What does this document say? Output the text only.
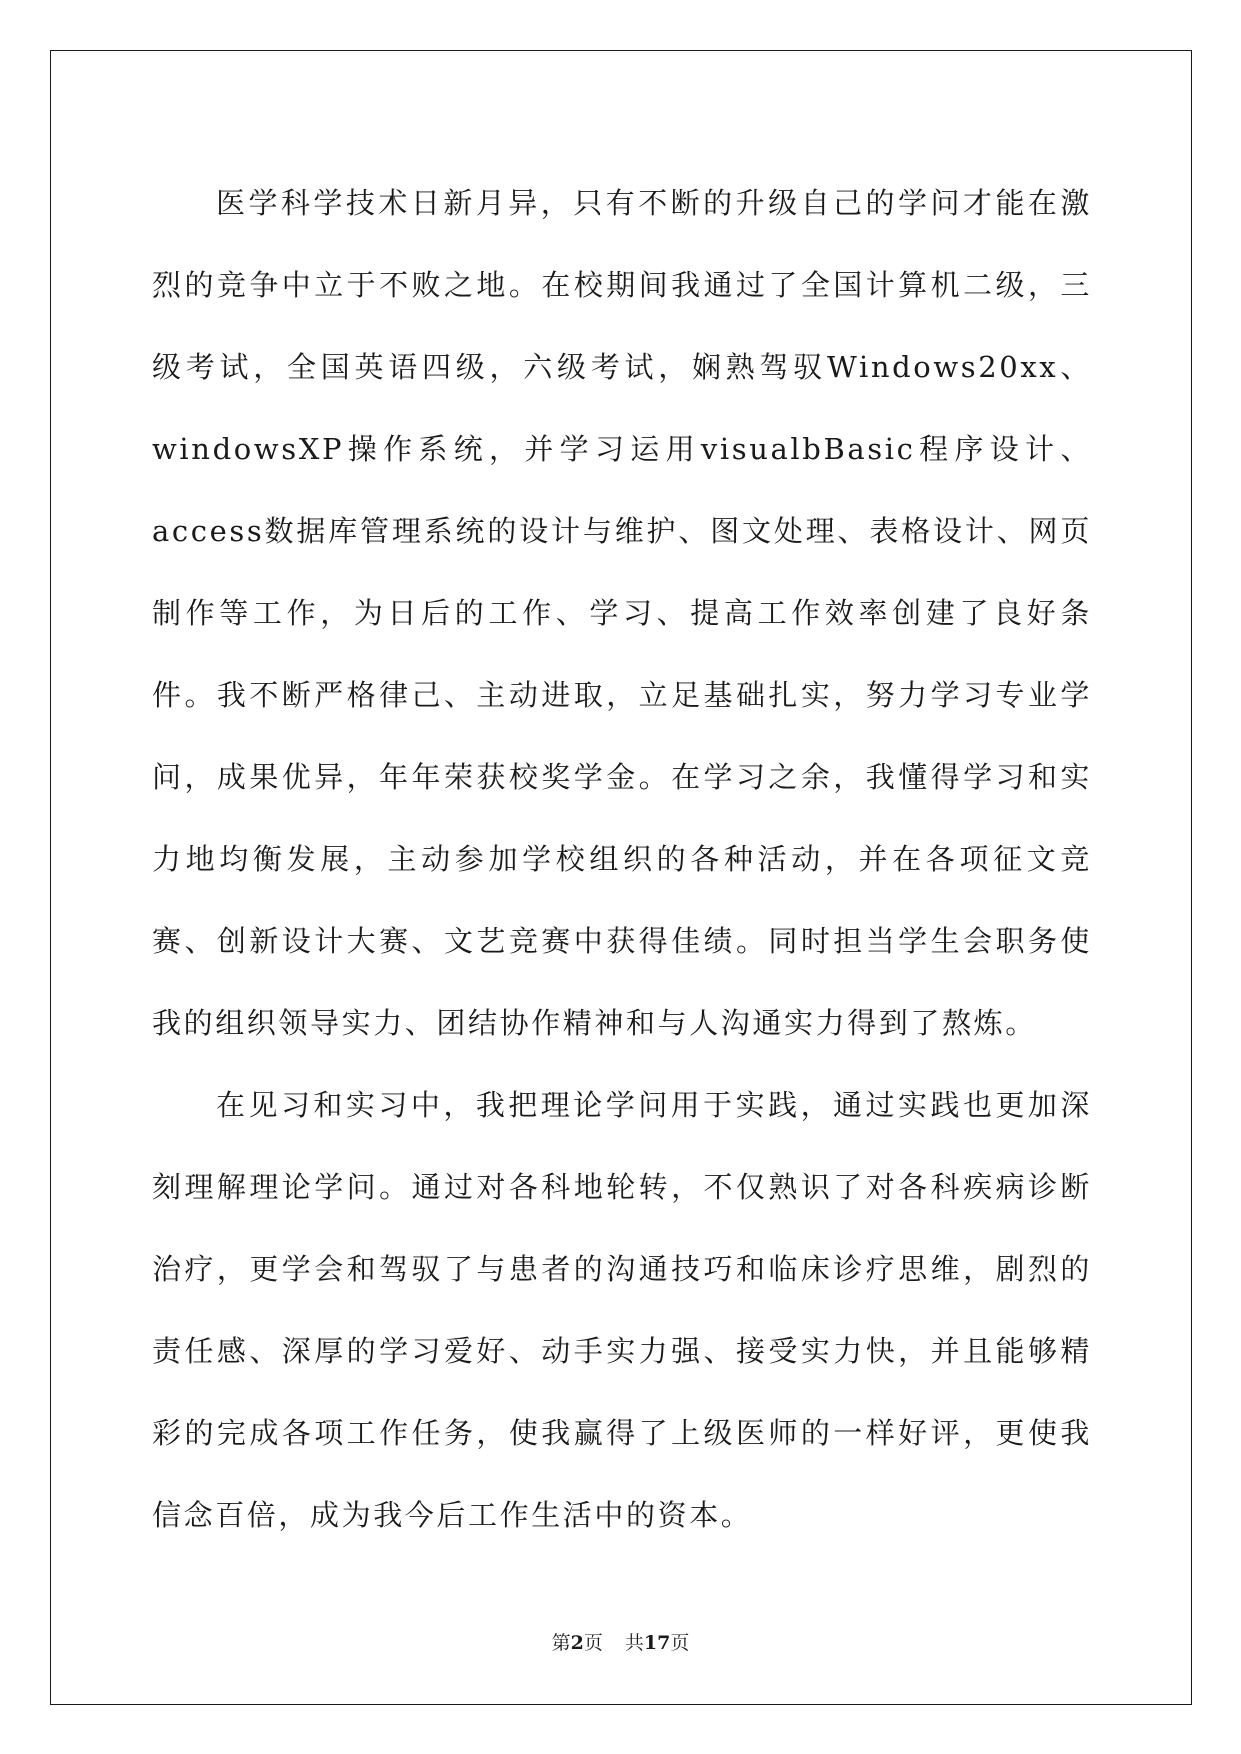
医学科学技术日新月异，只有不断的升级自己的学问才能在激烈的竞争中立于不败之地。在校期间我通过了全国计算机二级，三级考试，全国英语四级，六级考试，娴熟驾驭Windows20xx、windowsXP操作系统，并学习运用visualbBasic程序设计、access数据库管理系统的设计与维护、图文处理、表格设计、网页制作等工作，为日后的工作、学习、提高工作效率创建了良好条件。我不断严格律己、主动进取，立足基础扎实，努力学习专业学问，成果优异，年年荣获校奖学金。在学习之余，我懂得学习和实力地均衡发展，主动参加学校组织的各种活动，并在各项征文竞赛、创新设计大赛、文艺竞赛中获得佳绩。同时担当学生会职务使我的组织领导实力、团结协作精神和与人沟通实力得到了熬炼。

在见习和实习中，我把理论学问用于实践，通过实践也更加深刻理解理论学问。通过对各科地轮转，不仅熟识了对各科疾病诊断治疗，更学会和驾驭了与患者的沟通技巧和临床诊疗思维，剧烈的责任感、深厚的学习爱好、动手实力强、接受实力快，并且能够精彩的完成各项工作任务，使我赢得了上级医师的一样好评，更使我信念百倍，成为我今后工作生活中的资本。

第2页 共17页
